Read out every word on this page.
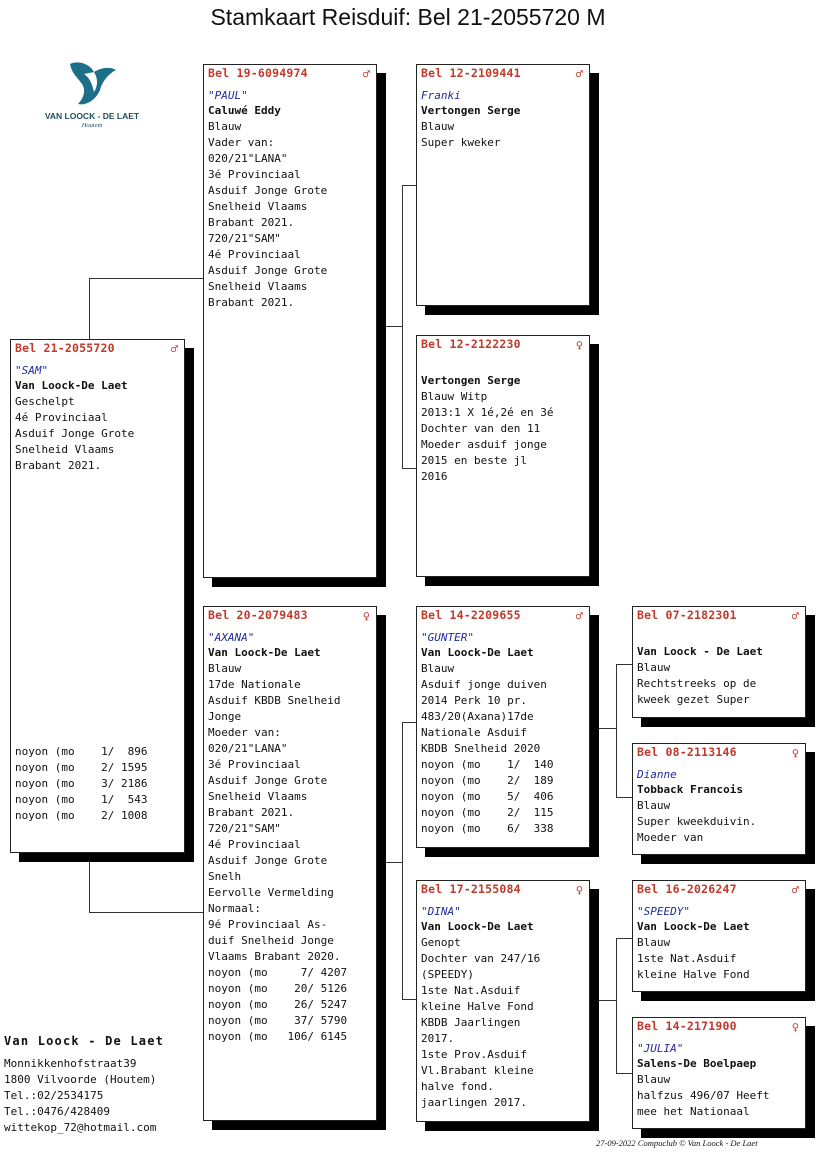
Stamkaart Reisduif: Bel 21-2055720 M
VAN LOOCK - DE LAET
Houtem
Bel 21-2055720	♂
"SAM"
Van Loock-De Laet
Geschelpt
4é Provinciaal
Asduif Jonge Grote
Snelheid Vlaams
Brabant 2021.
noyon (mo    1/  896
noyon (mo    2/ 1595
noyon (mo    3/ 2186
noyon (mo    1/  543
noyon (mo    2/ 1008
Bel 19-6094974	♂
"PAUL"
Caluwé Eddy
Blauw
Vader van:
020/21"LANA"
3é Provinciaal
Asduif Jonge Grote
Snelheid Vlaams
Brabant 2021.
720/21"SAM"
4é Provinciaal
Asduif Jonge Grote
Snelheid Vlaams
Brabant 2021.
Bel 12-2109441	♂
Franki
Vertongen Serge
Blauw
Super kweker
Bel 12-2122230	♀
Vertongen Serge
Blauw Witp
2013:1 X 1é,2é en 3é
Dochter van den 11
Moeder asduif jonge
2015 en beste jl
2016
Bel 20-2079483	♀
"AXANA"
Van Loock-De Laet
Blauw
17de Nationale
Asduif KBDB Snelheid
Jonge
Moeder van:
020/21"LANA"
3é Provinciaal
Asduif Jonge Grote
Snelheid Vlaams
Brabant 2021.
720/21"SAM"
4é Provinciaal
Asduif Jonge Grote
Snelh
Eervolle Vermelding
Normaal:
9é Provinciaal As-
duif Snelheid Jonge
Vlaams Brabant 2020.
noyon (mo     7/ 4207
noyon (mo    20/ 5126
noyon (mo    26/ 5247
noyon (mo    37/ 5790
noyon (mo   106/ 6145
Bel 14-2209655	♂
"GUNTER"
Van Loock-De Laet
Blauw
Asduif jonge duiven
2014 Perk 10 pr.
483/20(Axana)17de
Nationale Asduif
KBDB Snelheid 2020
noyon (mo    1/  140
noyon (mo    2/  189
noyon (mo    5/  406
noyon (mo    2/  115
noyon (mo    6/  338
Bel 17-2155084	♀
"DINA"
Van Loock-De Laet
Genopt
Dochter van 247/16
(SPEEDY)
1ste Nat.Asduif
kleine Halve Fond
KBDB Jaarlingen
2017.
1ste Prov.Asduif
Vl.Brabant kleine
halve fond.
jaarlingen 2017.
Bel 07-2182301	♂
Van Loock - De Laet
Blauw
Rechtstreeks op de
kweek gezet Super
Bel 08-2113146	♀
Dianne
Tobback Francois
Blauw
Super kweekduivin.
Moeder van
Bel 16-2026247	♂
"SPEEDY"
Van Loock-De Laet
Blauw
1ste Nat.Asduif
kleine Halve Fond
Bel 14-2171900	♀
"JULIA"
Salens-De Boelpaep
Blauw
halfzus 496/07 Heeft
mee het Nationaal
Van Loock - De Laet
Monnikkenhofstraat39
1800 Vilvoorde (Houtem)
Tel.:02/2534175
Tel.:0476/428409
wittekop_72@hotmail.com
27-09-2022 Compuclub © Van Loock - De Laet
